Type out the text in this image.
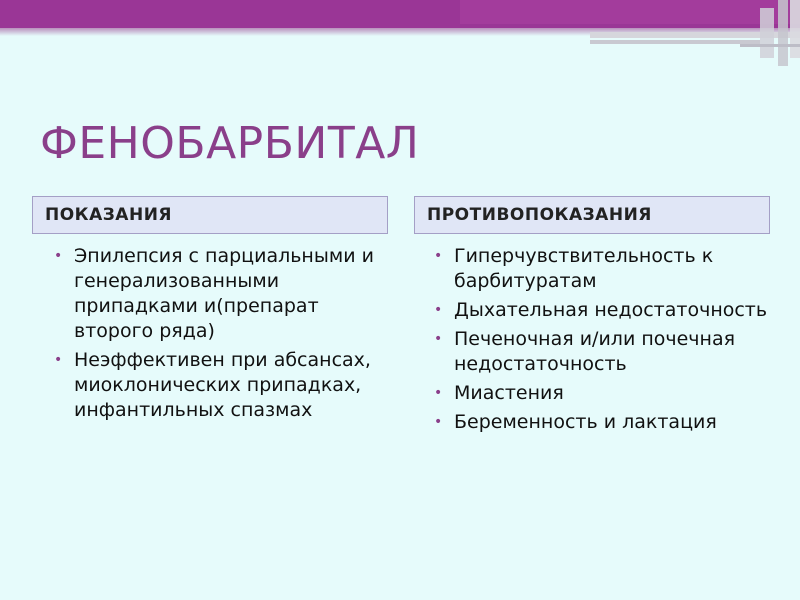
ФЕНОБАРБИТАЛ
ПОКАЗАНИЯ	ПРОТИВОПОКАЗАНИЯ
• Эпилепсия с парциальными и генерализованными припадками и(препарат второго ряда)
• Неэффективен при абсансах, миоклонических припадках, инфантильных спазмах
• Гиперчувствительность к барбитуратам
• Дыхательная недостаточность
• Печеночная и/или почечная недостаточность
• Миастения
• Беременность и лактация
